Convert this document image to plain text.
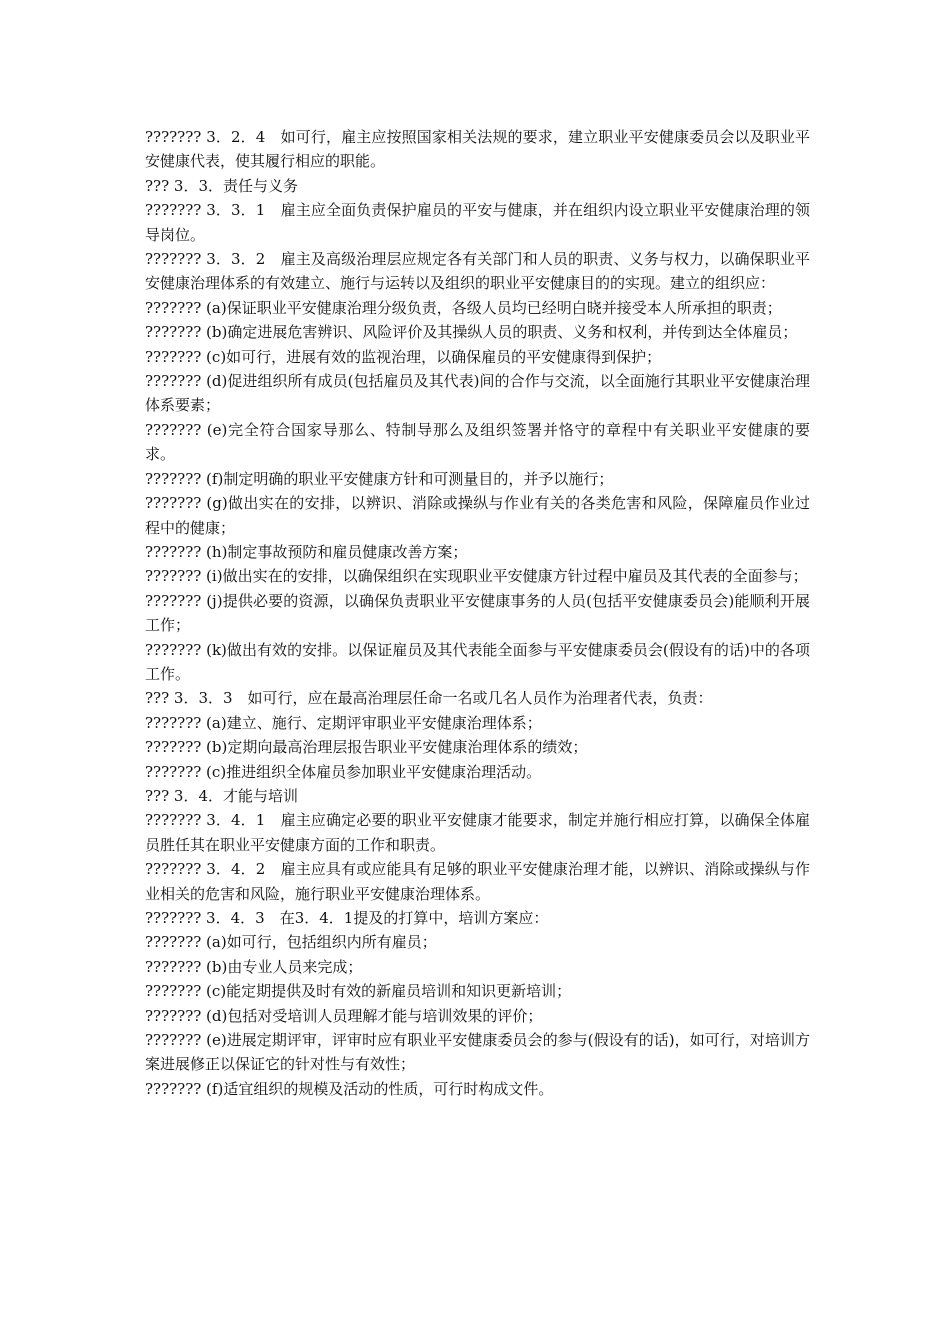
??????? 3．2．4　如可行，雇主应按照国家相关法规的要求，建立职业平安健康委员会以及职业平安健康代表，使其履行相应的职能。

??? 3．3．责任与义务

??????? 3．3．1　雇主应全面负责保护雇员的平安与健康，并在组织内设立职业平安健康治理的领导岗位。

??????? 3．3．2　雇主及高级治理层应规定各有关部门和人员的职责、义务与权力，以确保职业平安健康治理体系的有效建立、施行与运转以及组织的职业平安健康目的的实现。建立的组织应：

??????? (a)保证职业平安健康治理分级负责，各级人员均已经明白晓并接受本人所承担的职责；

??????? (b)确定进展危害辨识、风险评价及其操纵人员的职责、义务和权利，并传到达全体雇员；

??????? (c)如可行，进展有效的监视治理，以确保雇员的平安健康得到保护；

??????? (d)促进组织所有成员(包括雇员及其代表)间的合作与交流，以全面施行其职业平安健康治理体系要素；

??????? (e)完全符合国家导那么、特制导那么及组织签署并恪守的章程中有关职业平安健康的要求。

??????? (f)制定明确的职业平安健康方针和可测量目的，并予以施行；

??????? (g)做出实在的安排，以辨识、消除或操纵与作业有关的各类危害和风险，保障雇员作业过程中的健康；

??????? (h)制定事故预防和雇员健康改善方案；

??????? (i)做出实在的安排，以确保组织在实现职业平安健康方针过程中雇员及其代表的全面参与；

??????? (j)提供必要的资源，以确保负责职业平安健康事务的人员(包括平安健康委员会)能顺利开展工作；

??????? (k)做出有效的安排。以保证雇员及其代表能全面参与平安健康委员会(假设有的话)中的各项工作。

??? 3．3．3　如可行，应在最高治理层任命一名或几名人员作为治理者代表，负责：

??????? (a)建立、施行、定期评审职业平安健康治理体系；

??????? (b)定期向最高治理层报告职业平安健康治理体系的绩效；

??????? (c)推进组织全体雇员参加职业平安健康治理活动。

??? 3．4．才能与培训

??????? 3．4．1　雇主应确定必要的职业平安健康才能要求，制定并施行相应打算，以确保全体雇员胜任其在职业平安健康方面的工作和职责。

??????? 3．4．2　雇主应具有或应能具有足够的职业平安健康治理才能，以辨识、消除或操纵与作业相关的危害和风险，施行职业平安健康治理体系。

??????? 3．4．3　在3．4．1提及的打算中，培训方案应：

??????? (a)如可行，包括组织内所有雇员；

??????? (b)由专业人员来完成；

??????? (c)能定期提供及时有效的新雇员培训和知识更新培训；

??????? (d)包括对受培训人员理解才能与培训效果的评价；

??????? (e)进展定期评审，评审时应有职业平安健康委员会的参与(假设有的话)，如可行，对培训方案进展修正以保证它的针对性与有效性；

??????? (f)适宜组织的规模及活动的性质，可行时构成文件。
